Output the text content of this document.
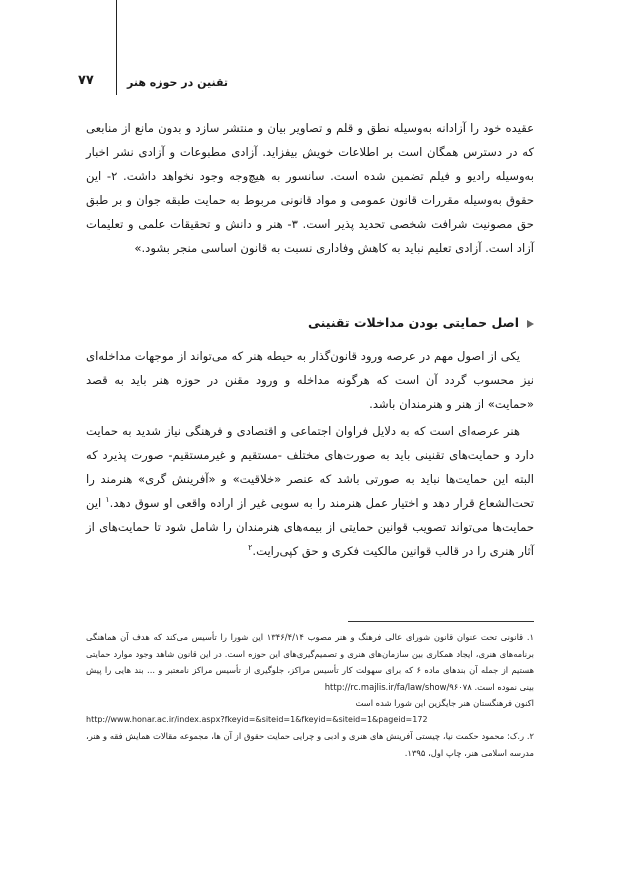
۷۷	تقنین در حوزه هنر
عقیده خود را آزادانه به‌وسیله نطق و قلم و تصاویر بیان و منتشر سازد و بدون مانع از منابعی که در دسترس همگان است بر اطلاعات خویش بیفزاید. آزادی مطبوعات و آزادی نشر اخبار به‌وسیله رادیو و فیلم تضمین شده است. سانسور به هیچ‌وجه وجود نخواهد داشت. ۲- این حقوق به‌وسیله مقررات قانون عمومی و مواد قانونی مربوط به حمایت طبقه جوان و بر طبق حق مصونیت شرافت شخصی تحدید پذیر است. ۳- هنر و دانش و تحقیقات علمی و تعلیمات آزاد است. آزادی تعلیم نباید به کاهش وفاداری نسبت به قانون اساسی منجر بشود.»
اصل حمایتی بودن مداخلات تقنینی
یکی از اصول مهم در عرصه ورود قانون‌گذار به حیطه هنر که می‌تواند از موجهات مداخله‌ای نیز محسوب گردد آن است که هرگونه مداخله و ورود مقنن در حوزه هنر باید به قصد «حمایت» از هنر و هنرمندان باشد.
هنر عرصه‌ای است که به دلایل فراوان اجتماعی و اقتصادی و فرهنگی نیاز شدید به حمایت دارد و حمایت‌های تقنینی باید به صورت‌های مختلف -مستقیم و غیرمستقیم- صورت پذیرد که البته این حمایت‌ها نباید به صورتی باشد که عنصر «خلاقیت» و «آفرینش گری» هنرمند را تحت‌الشعاع قرار دهد و اختیار عمل هنرمند را به سویی غیر از اراده واقعی او سوق دهد.$^۱$ این حمایت‌ها می‌تواند تصویب قوانین حمایتی از بیمه‌های هنرمندان را شامل شود تا حمایت‌های از آثار هنری را در قالب قوانین مالکیت فکری و حق کپی‌رایت.$^۲$

۱. قانونی تحت عنوان قانون شورای عالی فرهنگ و هنر مصوب ۱۳۴۶/۴/۱۴ این شورا را تأسیس می‌کند که هدف آن هماهنگی برنامه‌های هنری، ایجاد همکاری بین سازمان‌های هنری و تصمیم‌گیری‌های این حوزه است. در این قانون شاهد وجود موارد حمایتی هستیم از جمله آن بندهای ماده ۶ که برای سهولت کار تأسیس مراکز، جلوگیری از تأسیس مراکز نامعتبر و ... بند هایی را پیش بینی نموده است. http://rc.majlis.ir/fa/law/show/۹۶۰۷۸

اکنون فرهنگستان هنر جایگزین این شورا شده است

http://www.honar.ac.ir/index.aspx?fkeyid=&siteid=1&fkeyid=&siteid=1&pageid=172

۲. ر.ک: محمود حکمت نیا، چیستی آفرینش های هنری و ادبی و چرایی حمایت حقوق از آن ها، مجموعه مقالات همایش فقه و هنر، مدرسه اسلامی هنر، چاپ اول، ۱۳۹۵.
